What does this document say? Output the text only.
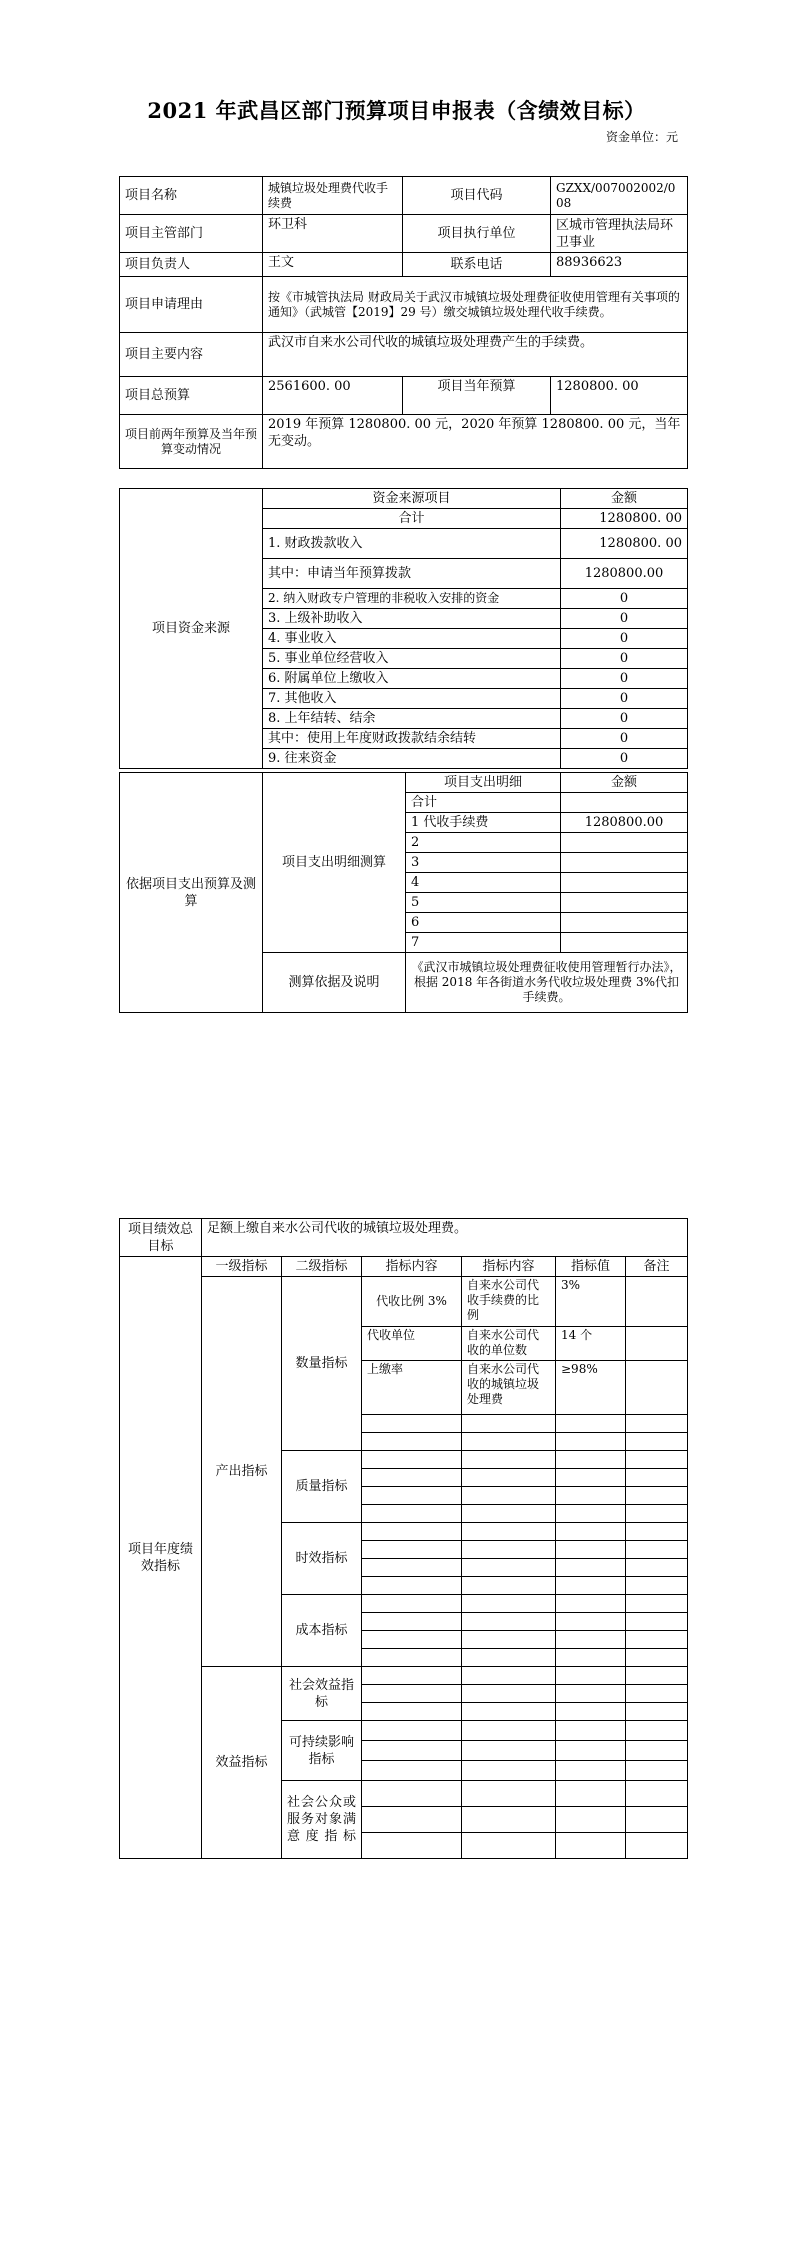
2021 年武昌区部门预算项目申报表（含绩效目标）
资金单位：元
项目名称	城镇垃圾处理费代收手续费	项目代码	GZXX/007002002/008
项目主管部门	环卫科	项目执行单位	区城市管理执法局环卫事业
项目负责人	王文	联系电话	88936623
项目申请理由	按《市城管执法局 财政局关于武汉市城镇垃圾处理费征收使用管理有关事项的通知》（武城管【2019】29 号）缴交城镇垃圾处理代收手续费。		
项目主要内容	武汉市自来水公司代收的城镇垃圾处理费产生的手续费。		
项目总预算	2561600. 00	项目当年预算	1280800. 00
项目前两年预算及当年预算变动情况	2019 年预算 1280800. 00 元，2020 年预算 1280800. 00 元，当年无变动。		
项目资金来源	资金来源项目	金额
	合计	1280800. 00
	1. 财政拨款收入	1280800. 00
	其中：申请当年预算拨款	1280800.00
	2. 纳入财政专户管理的非税收入安排的资金	0
	3. 上级补助收入	0
	4. 事业收入	0
	5. 事业单位经营收入	0
	6. 附属单位上缴收入	0
	7. 其他收入	0
	8. 上年结转、结余	0
	其中：使用上年度财政拨款结余结转	0
	9. 往来资金	0
依据项目支出预算及测算	项目支出明细测算	项目支出明细	金额
		合计	
		1 代收手续费	1280800.00
		2	
		3	
		4	
		5	
		6	
		7	
	测算依据及说明	《武汉市城镇垃圾处理费征收使用管理暂行办法》，根据 2018 年各街道水务代收垃圾处理费 3%代扣手续费。	
项目绩效总目标	足额上缴自来水公司代收的城镇垃圾处理费。					
项目年度绩效指标	一级指标	二级指标	指标内容	指标内容	指标值	备注
	产出指标	数量指标	代收比例 3%	自来水公司代收手续费的比例	3%	
			代收单位	自来水公司代收的单位数	14 个	
			上缴率	自来水公司代收的城镇垃圾处理费	≥98%	

		质量指标				

		时效指标				

		成本指标				

	效益指标	社会效益指标				

		可持续影响指标				

		社会公众或服务对象满意度指标				
